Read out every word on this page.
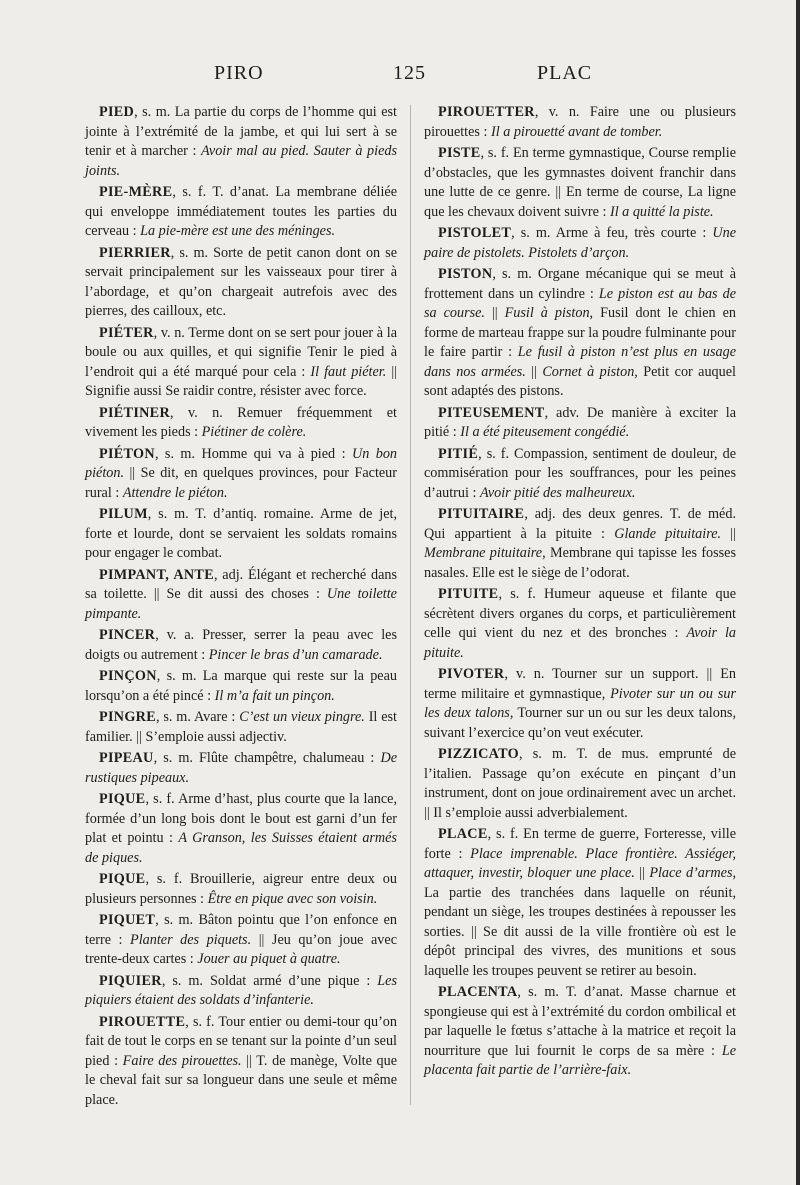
PIRO	125	PLAC

PIED, s. m. La partie du corps de l’homme qui est jointe à l’extrémité de la jambe, et qui lui sert à se tenir et à marcher : Avoir mal au pied. Sauter à pieds joints.

PIE-MÈRE, s. f. T. d’anat. La membrane déliée qui enveloppe immédiatement toutes les parties du cerveau : La pie-mère est une des méninges.

PIERRIER, s. m. Sorte de petit canon dont on se servait principalement sur les vaisseaux pour tirer à l’abordage, et qu’on chargeait autrefois avec des pierres, des cailloux, etc.

PIÉTER, v. n. Terme dont on se sert pour jouer à la boule ou aux quilles, et qui signifie Tenir le pied à l’endroit qui a été marqué pour cela : Il faut piéter. || Signifie aussi Se raidir contre, résister avec force.

PIÉTINER, v. n. Remuer fréquemment et vivement les pieds : Piétiner de colère.

PIÉTON, s. m. Homme qui va à pied : Un bon piéton. || Se dit, en quelques provinces, pour Facteur rural : Attendre le piéton.

PILUM, s. m. T. d’antiq. romaine. Arme de jet, forte et lourde, dont se servaient les soldats romains pour engager le combat.

PIMPANT, ANTE, adj. Élégant et recherché dans sa toilette. || Se dit aussi des choses : Une toilette pimpante.

PINCER, v. a. Presser, serrer la peau avec les doigts ou autrement : Pincer le bras d’un camarade.

PINÇON, s. m. La marque qui reste sur la peau lorsqu’on a été pincé : Il m’a fait un pinçon.

PINGRE, s. m. Avare : C’est un vieux pingre. Il est familier. || S’emploie aussi adjectiv.

PIPEAU, s. m. Flûte champêtre, chalumeau : De rustiques pipeaux.

PIQUE, s. f. Arme d’hast, plus courte que la lance, formée d’un long bois dont le bout est garni d’un fer plat et pointu : A Granson, les Suisses étaient armés de piques.

PIQUE, s. f. Brouillerie, aigreur entre deux ou plusieurs personnes : Être en pique avec son voisin.

PIQUET, s. m. Bâton pointu que l’on enfonce en terre : Planter des piquets. || Jeu qu’on joue avec trente-deux cartes : Jouer au piquet à quatre.

PIQUIER, s. m. Soldat armé d’une pique : Les piquiers étaient des soldats d’infanterie.

PIROUETTE, s. f. Tour entier ou demi-tour qu’on fait de tout le corps en se tenant sur la pointe d’un seul pied : Faire des pirouettes. || T. de manège, Volte que le cheval fait sur sa longueur dans une seule et même place.

PIROUETTER, v. n. Faire une ou plusieurs pirouettes : Il a pirouetté avant de tomber.

PISTE, s. f. En terme gymnastique, Course remplie d’obstacles, que les gymnastes doivent franchir dans une lutte de ce genre. || En terme de course, La ligne que les chevaux doivent suivre : Il a quitté la piste.

PISTOLET, s. m. Arme à feu, très courte : Une paire de pistolets. Pistolets d’arçon.

PISTON, s. m. Organe mécanique qui se meut à frottement dans un cylindre : Le piston est au bas de sa course. || Fusil à piston, Fusil dont le chien en forme de marteau frappe sur la poudre fulminante pour le faire partir : Le fusil à piston n’est plus en usage dans nos armées. || Cornet à piston, Petit cor auquel sont adaptés des pistons.

PITEUSEMENT, adv. De manière à exciter la pitié : Il a été piteusement congédié.

PITIÉ, s. f. Compassion, sentiment de douleur, de commisération pour les souffrances, pour les peines d’autrui : Avoir pitié des malheureux.

PITUITAIRE, adj. des deux genres. T. de méd. Qui appartient à la pituite : Glande pituitaire. || Membrane pituitaire, Membrane qui tapisse les fosses nasales. Elle est le siège de l’odorat.

PITUITE, s. f. Humeur aqueuse et filante que sécrètent divers organes du corps, et particulièrement celle qui vient du nez et des bronches : Avoir la pituite.

PIVOTER, v. n. Tourner sur un support. || En terme militaire et gymnastique, Pivoter sur un ou sur les deux talons, Tourner sur un ou sur les deux talons, suivant l’exercice qu’on veut exécuter.

PIZZICATO, s. m. T. de mus. emprunté de l’italien. Passage qu’on exécute en pinçant d’un instrument, dont on joue ordinairement avec un archet. || Il s’emploie aussi adverbialement.

PLACE, s. f. En terme de guerre, Forteresse, ville forte : Place imprenable. Place frontière. Assiéger, attaquer, investir, bloquer une place. || Place d’armes, La partie des tranchées dans laquelle on réunit, pendant un siège, les troupes destinées à repousser les sorties. || Se dit aussi de la ville frontière où est le dépôt principal des vivres, des munitions et sous laquelle les troupes peuvent se retirer au besoin.

PLACENTA, s. m. T. d’anat. Masse charnue et spongieuse qui est à l’extrémité du cordon ombilical et par laquelle le fœtus s’attache à la matrice et reçoit la nourriture que lui fournit le corps de sa mère : Le placenta fait partie de l’arrière-faix.
